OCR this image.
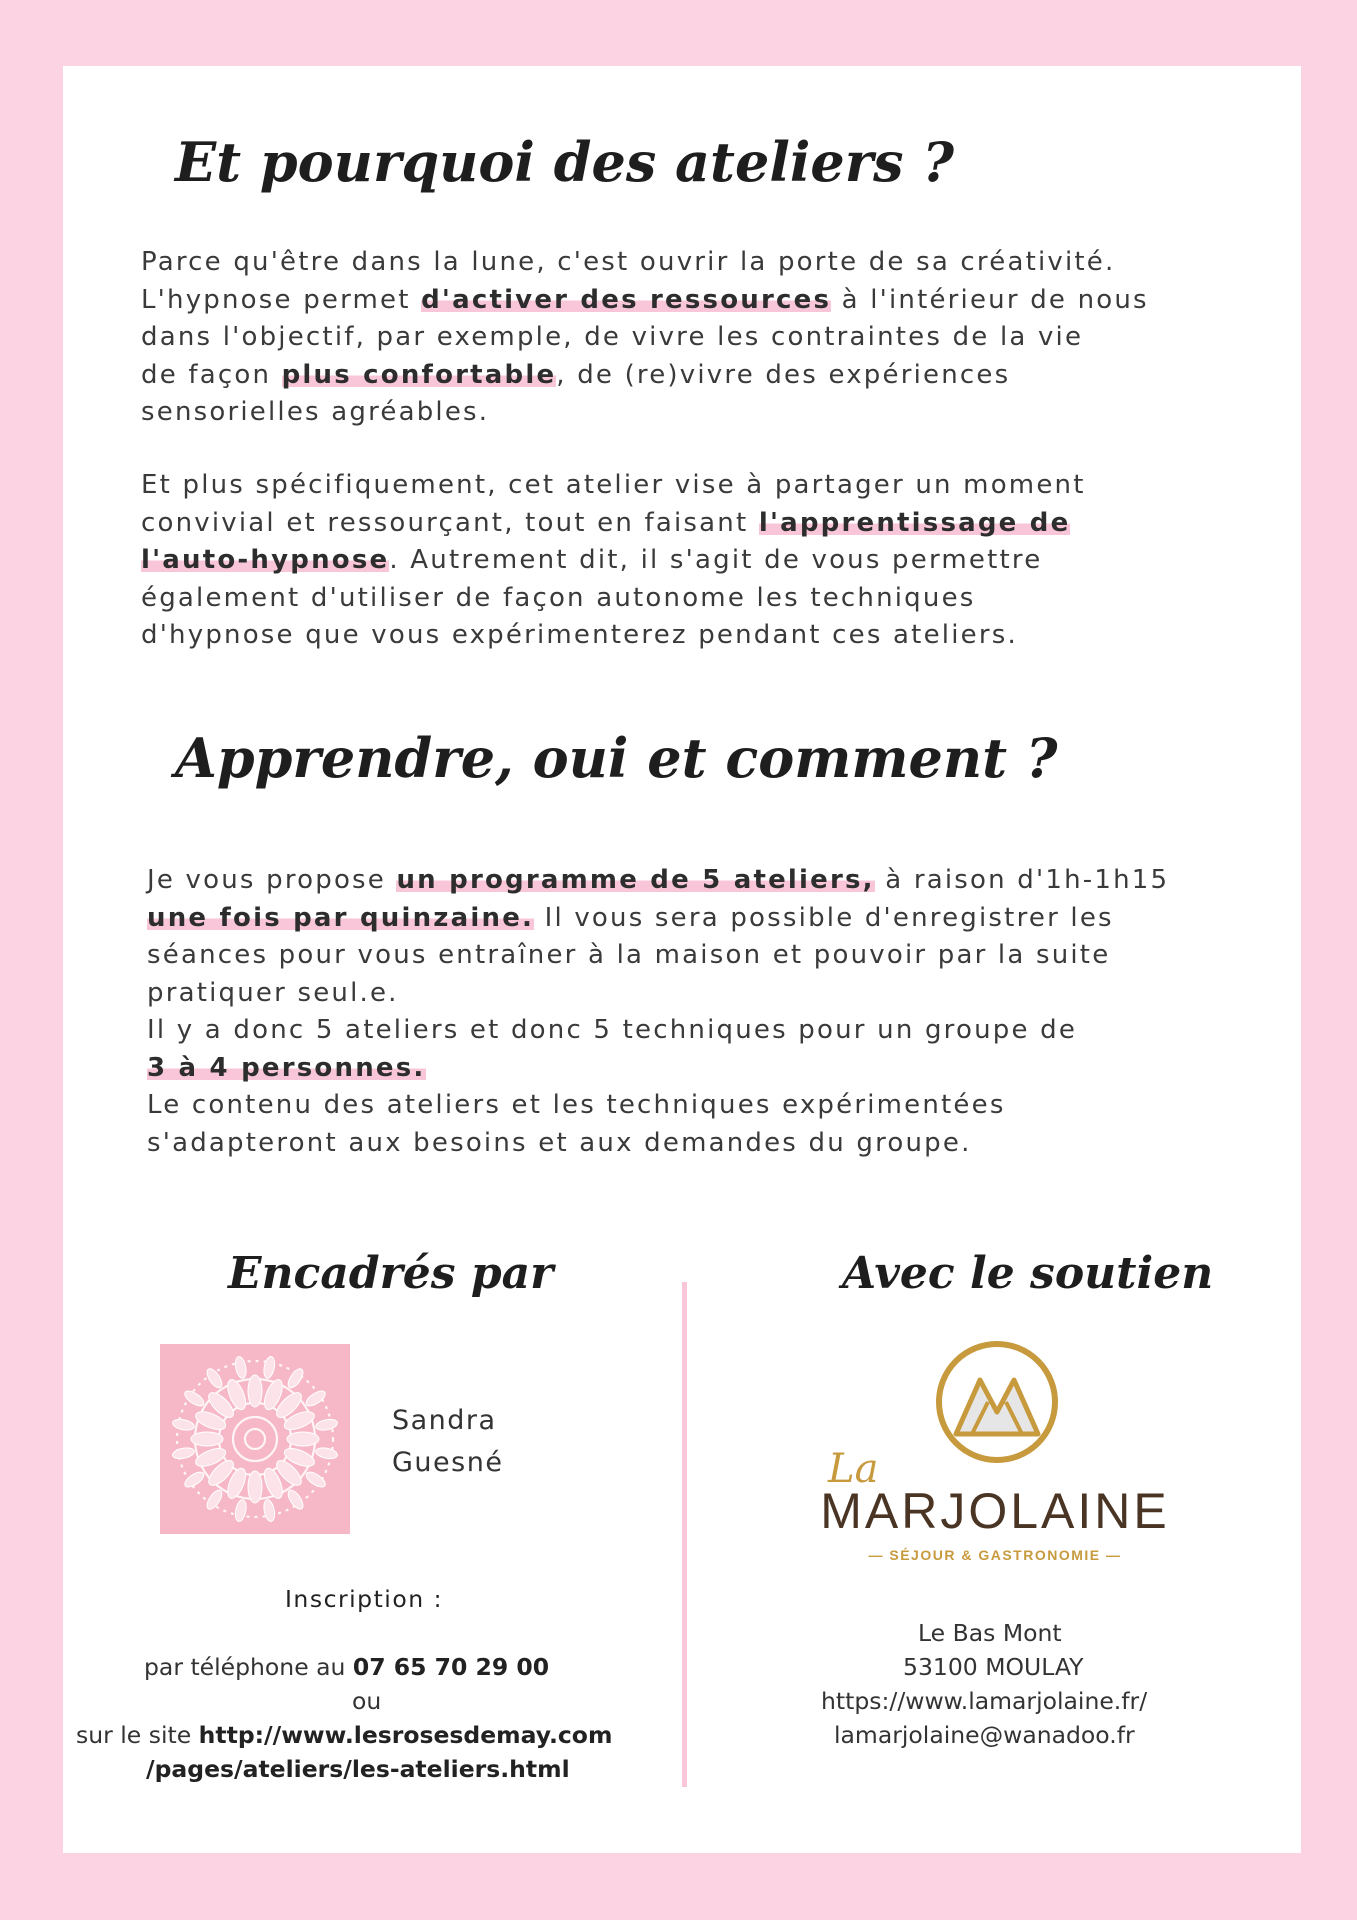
Et pourquoi des ateliers ?
Parce qu'être dans la lune, c'est ouvrir la porte de sa créativité.
L'hypnose permet d'activer des ressources à l'intérieur de nous
dans l'objectif, par exemple, de vivre les contraintes de la vie
de façon plus confortable, de (re)vivre des expériences
sensorielles agréables.
Et plus spécifiquement, cet atelier vise à partager un moment
convivial et ressourçant, tout en faisant l'apprentissage de
l'auto-hypnose. Autrement dit, il s'agit de vous permettre
également d'utiliser de façon autonome les techniques
d'hypnose que vous expérimenterez pendant ces ateliers.
Apprendre, oui et comment ?
Je vous propose un programme de 5 ateliers, à raison d'1h-1h15
une fois par quinzaine. Il vous sera possible d'enregistrer les
séances pour vous entraîner à la maison et pouvoir par la suite
pratiquer seul.e.
Il y a donc 5 ateliers et donc 5 techniques pour un groupe de
3 à 4 personnes.
Le contenu des ateliers et les techniques expérimentées
s'adapteront aux besoins et aux demandes du groupe.
Encadrés par	Avec le soutien
Sandra
Guesné
Inscription :
par téléphone au 07 65 70 29 00
ou
sur le site http://www.lesrosesdemay.com
/pages/ateliers/les-ateliers.html
La
MARJOLAINE
— SÉJOUR & GASTRONOMIE —
Le Bas Mont
53100 MOULAY
https://www.lamarjolaine.fr/
lamarjolaine@wanadoo.fr
